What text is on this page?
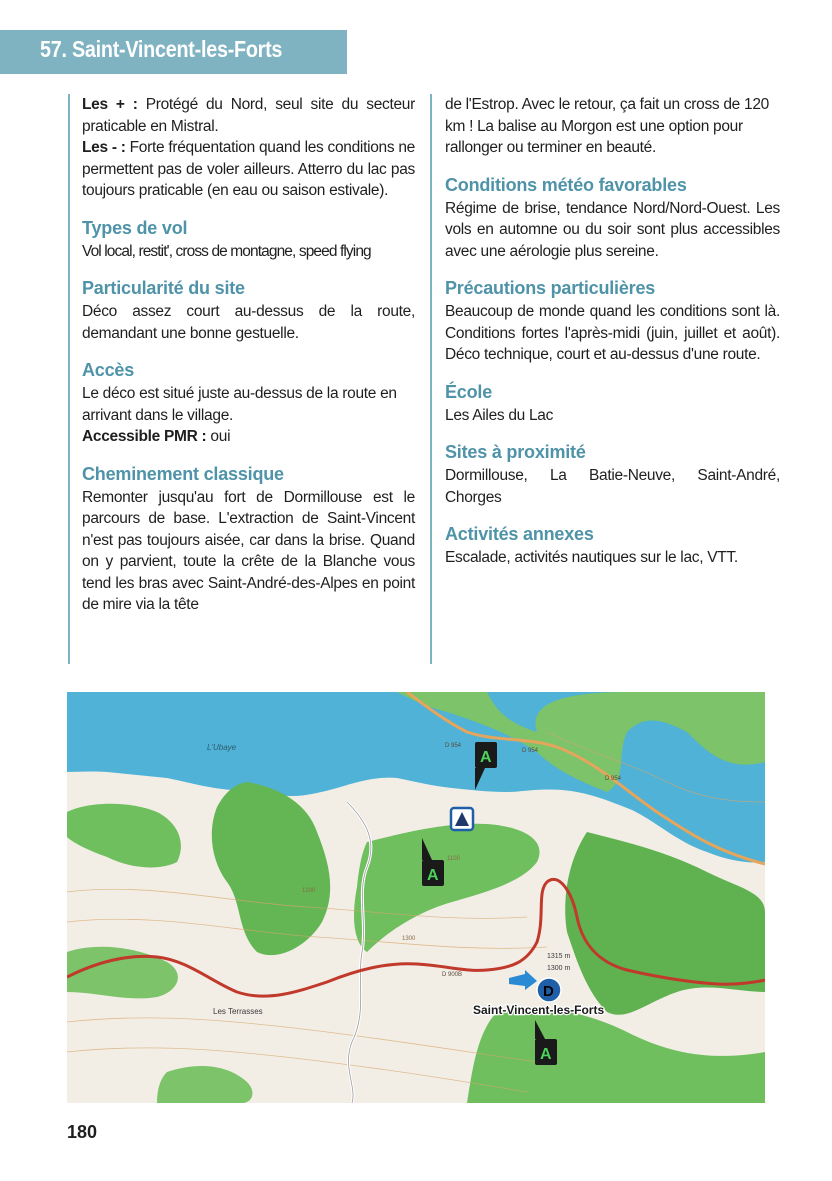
57. Saint-Vincent-les-Forts

Les + : Protégé du Nord, seul site du secteur praticable en Mistral.

Les - : Forte fréquentation quand les conditions ne permettent pas de voler ailleurs. Atterro du lac pas toujours praticable (en eau ou saison estivale).

Types de vol

Vol local, restit', cross de montagne, speed flying

Particularité du site

Déco assez court au-dessus de la route, demandant une bonne gestuelle.

Accès

Le déco est situé juste au-dessus de la route en arrivant dans le village.

Accessible PMR : oui

Cheminement classique

Remonter jusqu'au fort de Dormillouse est le parcours de base. L'extraction de Saint-Vincent n'est pas toujours aisée, car dans la brise. Quand on y parvient, toute la crête de la Blanche vous tend les bras avec Saint-André-des-Alpes en point de mire via la tête

de l'Estrop. Avec le retour, ça fait un cross de 120 km ! La balise au Morgon est une option pour rallonger ou terminer en beauté.

Conditions météo favorables

Régime de brise, tendance Nord/Nord-Ouest. Les vols en automne ou du soir sont plus accessibles avec une aérologie plus sereine.

Précautions particulières

Beaucoup de monde quand les conditions sont là. Conditions fortes l'après-midi (juin, juillet et août). Déco technique, court et au-dessus d'une route.

École

Les Ailes du Lac

Sites à proximité

Dormillouse, La Batie-Neuve, Saint-André, Chorges

Activités annexes

Escalade, activités nautiques sur le lac, VTT.

L'Ubaye	D 954
D 954
D 954
D 900B
1300
1100
1200
Les Terrasses
1315 m
1300 m
Saint-Vincent-les-Forts
A
A
A
D
180
